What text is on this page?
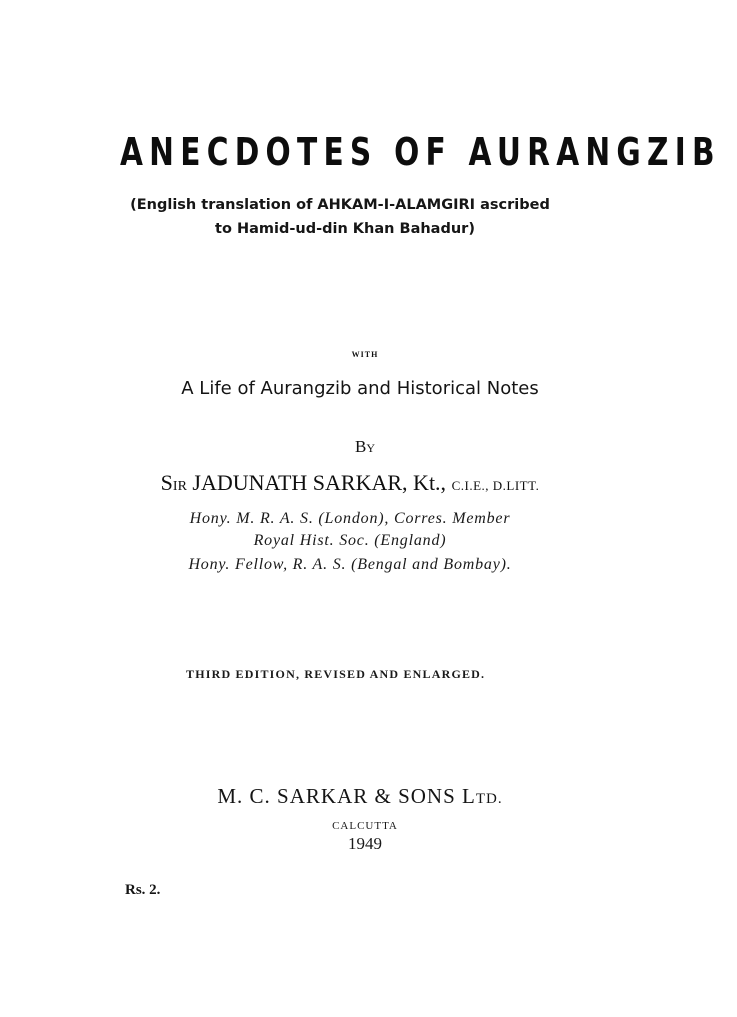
ANECDOTES OF AURANGZIB
(English translation of AHKAM-I-ALAMGIRI ascribed
to Hamid-ud-din Khan Bahadur)
with
A Life of Aurangzib and Historical Notes
BY
SIR JADUNATH SARKAR, Kt., C.I.E., D.LITT.
Hony. M. R. A. S. (London), Corres. Member
Royal Hist. Soc. (England)
Hony. Fellow, R. A. S. (Bengal and Bombay).
THIRD EDITION, REVISED AND ENLARGED.
M. C. SARKAR & SONS LTD.
CALCUTTA
1949
Rs. 2.
